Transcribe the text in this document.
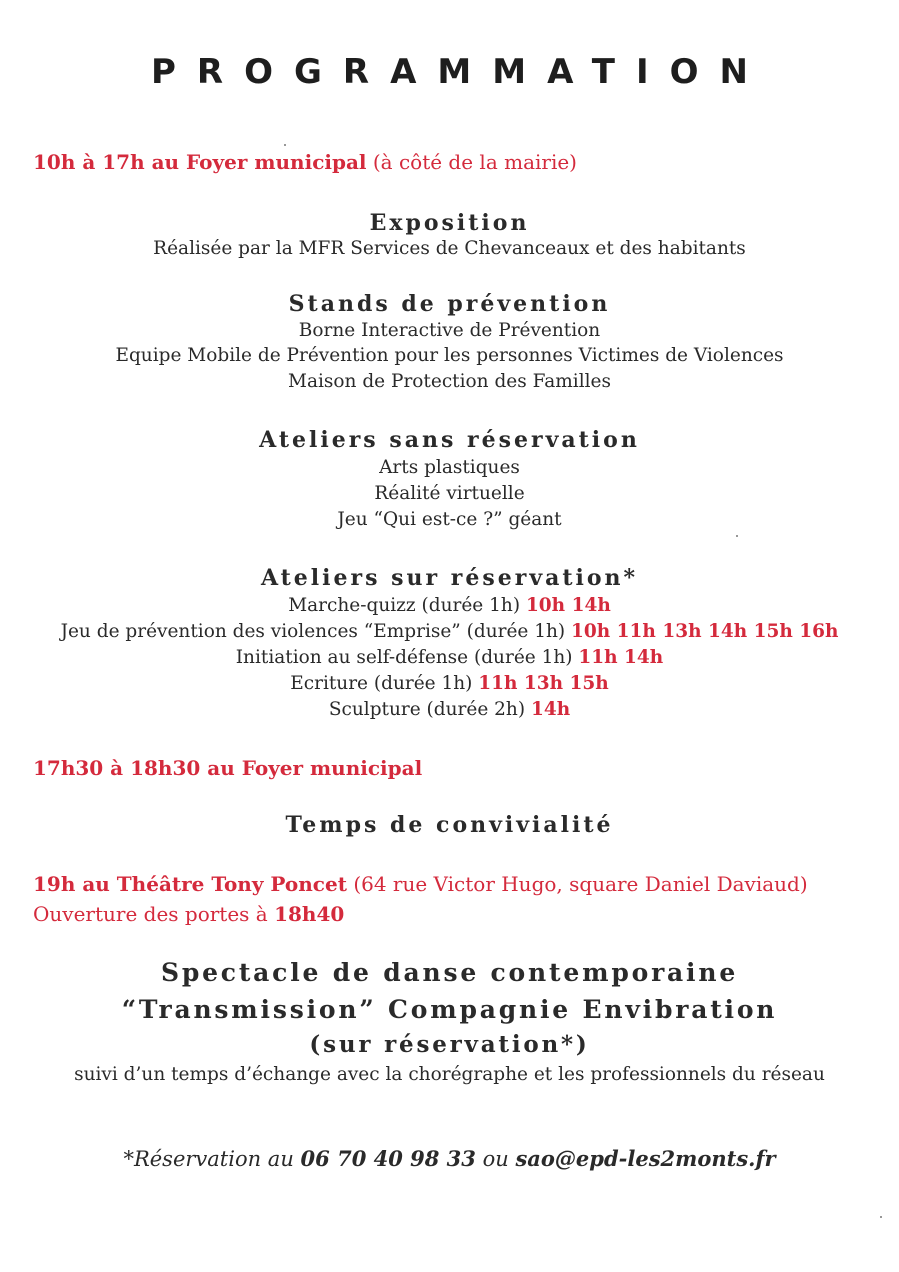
PROGRAMMATION
10h à 17h au Foyer municipal (à côté de la mairie)
Exposition
Réalisée par la MFR Services de Chevanceaux et des habitants
Stands de prévention
Borne Interactive de Prévention
Equipe Mobile de Prévention pour les personnes Victimes de Violences
Maison de Protection des Familles
Ateliers sans réservation
Arts plastiques
Réalité virtuelle
Jeu “Qui est-ce ?” géant
Ateliers sur réservation*
Marche-quizz (durée 1h) 10h 14h
Jeu de prévention des violences “Emprise” (durée 1h) 10h 11h 13h 14h 15h 16h
Initiation au self-défense (durée 1h) 11h 14h
Ecriture (durée 1h) 11h 13h 15h
Sculpture (durée 2h) 14h
17h30 à 18h30 au Foyer municipal
Temps de convivialité
19h au Théâtre Tony Poncet (64 rue Victor Hugo, square Daniel Daviaud)
Ouverture des portes à 18h40
Spectacle de danse contemporaine
“Transmission” Compagnie Envibration
(sur réservation*)
suivi d’un temps d’échange avec la chorégraphe et les professionnels du réseau
*Réservation au 06 70 40 98 33 ou sao@epd-les2monts.fr
